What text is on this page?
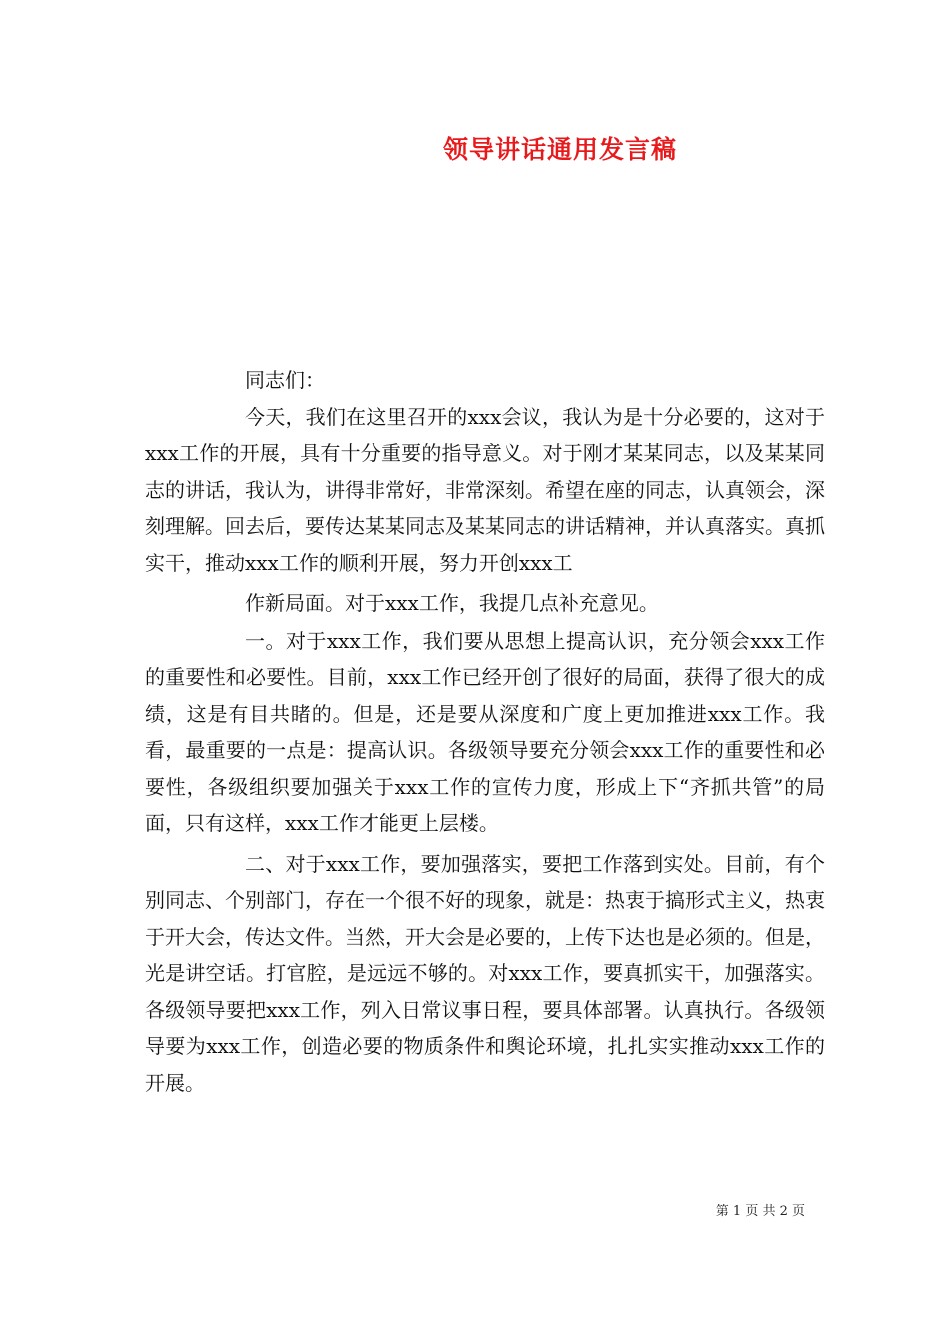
领导讲话通用发言稿

同志们：

今天，我们在这里召开的xxx会议，我认为是十分必要的，这对于xxx工作的开展，具有十分重要的指导意义。对于刚才某某同志，以及某某同志的讲话，我认为，讲得非常好，非常深刻。希望在座的同志，认真领会，深刻理解。回去后，要传达某某同志及某某同志的讲话精神，并认真落实。真抓实干，推动xxx工作的顺利开展，努力开创xxx工

作新局面。对于xxx工作，我提几点补充意见。

一。对于xxx工作，我们要从思想上提高认识，充分领会xxx工作的重要性和必要性。目前，xxx工作已经开创了很好的局面，获得了很大的成绩，这是有目共睹的。但是，还是要从深度和广度上更加推进xxx工作。我看，最重要的一点是：提高认识。各级领导要充分领会xxx工作的重要性和必要性，各级组织要加强关于xxx工作的宣传力度，形成上下“齐抓共管”的局面，只有这样，xxx工作才能更上层楼。

二、对于xxx工作，要加强落实，要把工作落到实处。目前，有个别同志、个别部门，存在一个很不好的现象，就是：热衷于搞形式主义，热衷于开大会，传达文件。当然，开大会是必要的，上传下达也是必须的。但是，光是讲空话。打官腔，是远远不够的。对xxx工作，要真抓实干，加强落实。各级领导要把xxx工作，列入日常议事日程，要具体部署。认真执行。各级领导要为xxx工作，创造必要的物质条件和舆论环境，扎扎实实推动xxx工作的开展。

第 1 页 共 2 页
